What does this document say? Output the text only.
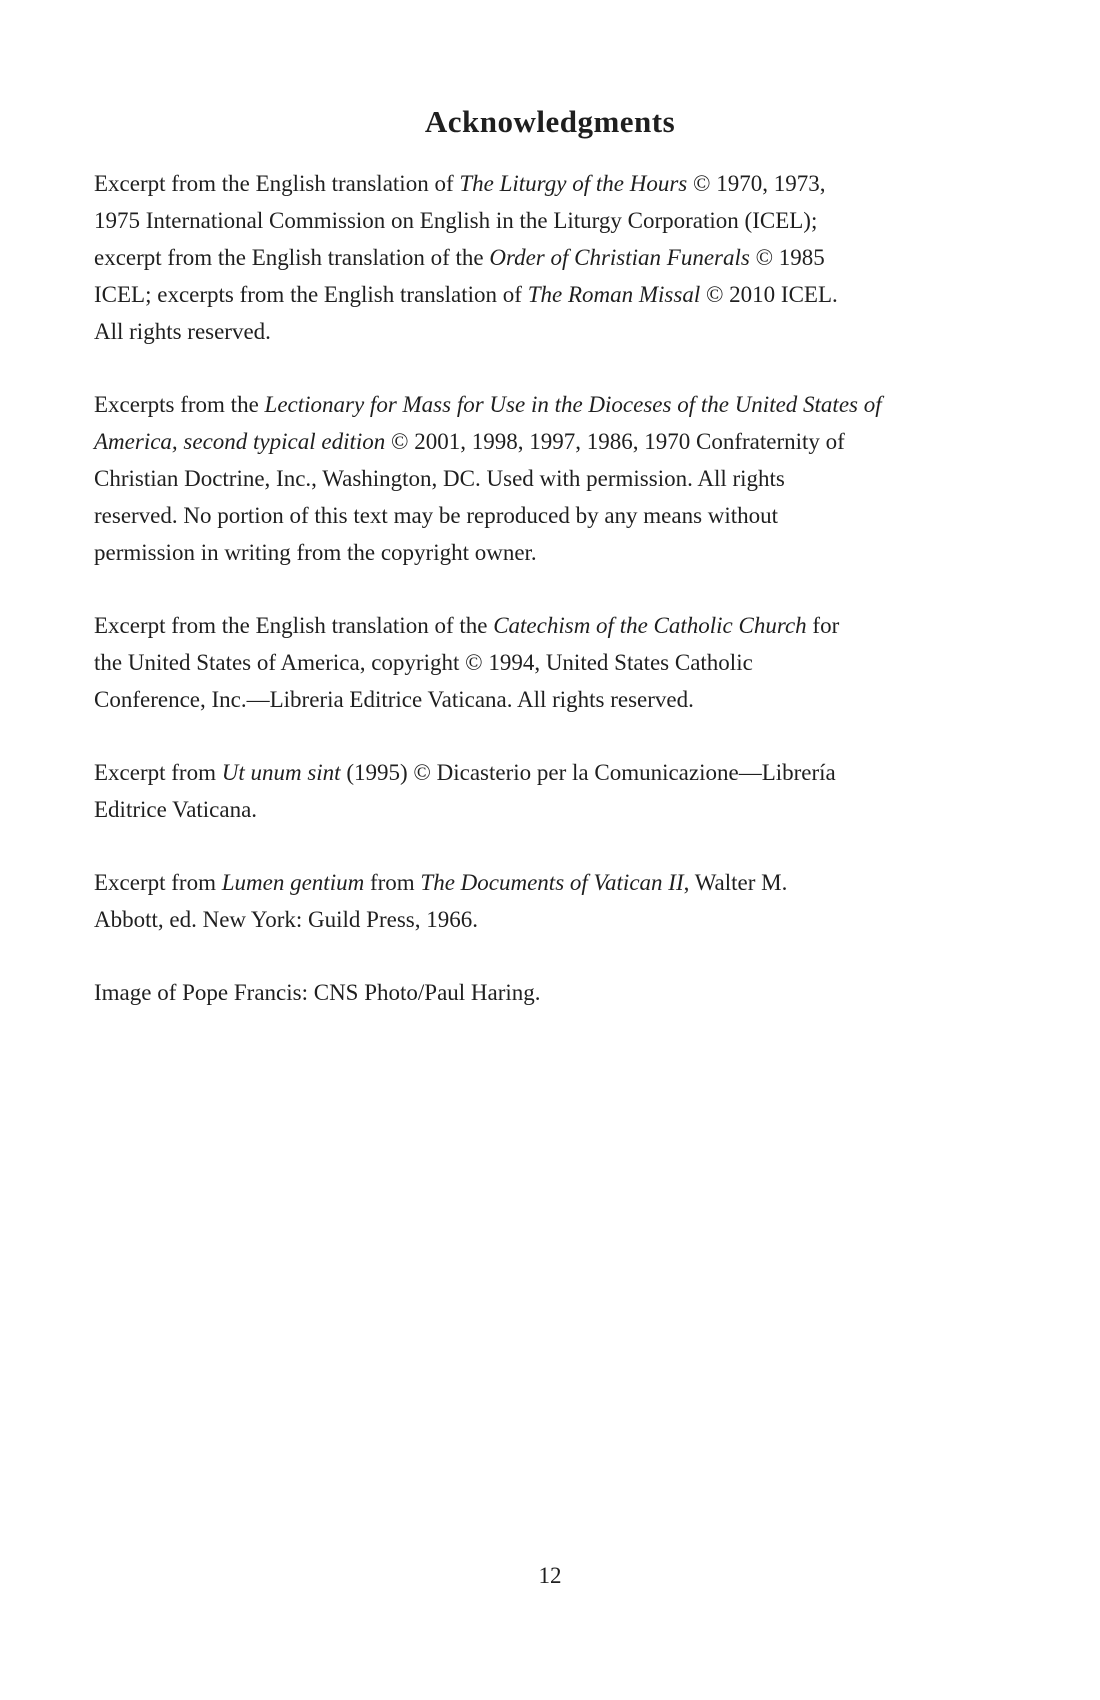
Acknowledgments

Excerpt from the English translation of The Liturgy of the Hours © 1970, 1973,
1975 International Commission on English in the Liturgy Corporation (ICEL);
excerpt from the English translation of the Order of Christian Funerals © 1985
ICEL; excerpts from the English translation of The Roman Missal © 2010 ICEL.
All rights reserved.

Excerpts from the Lectionary for Mass for Use in the Dioceses of the United States of
America, second typical edition © 2001, 1998, 1997, 1986, 1970 Confraternity of
Christian Doctrine, Inc., Washington, DC. Used with permission. All rights
reserved. No portion of this text may be reproduced by any means without
permission in writing from the copyright owner.

Excerpt from the English translation of the Catechism of the Catholic Church for
the United States of America, copyright © 1994, United States Catholic
Conference, Inc.—Libreria Editrice Vaticana. All rights reserved.

Excerpt from Ut unum sint (1995) © Dicasterio per la Comunicazione—Librería
Editrice Vaticana.

Excerpt from Lumen gentium from The Documents of Vatican II, Walter M.
Abbott, ed. New York: Guild Press, 1966.

Image of Pope Francis: CNS Photo/Paul Haring.

12
